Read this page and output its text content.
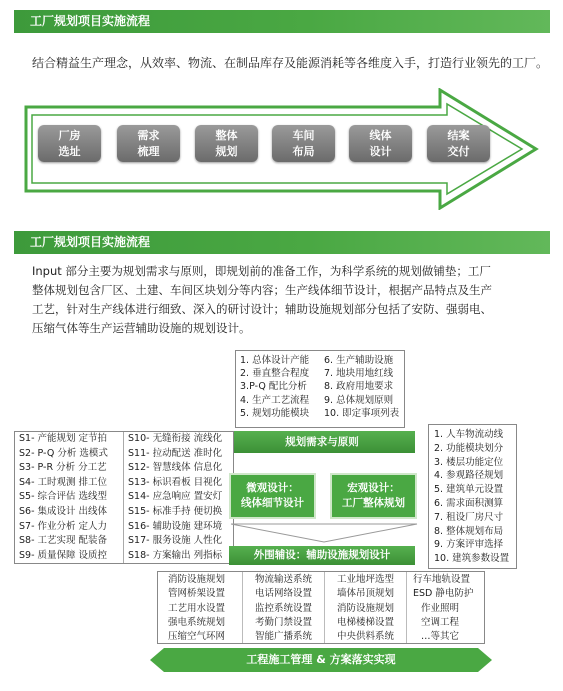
工厂规划项目实施流程
结合精益生产理念，从效率、物流、在制品库存及能源消耗等各维度入手，打造行业领先的工厂。
厂房
选址
需求
梳理
整体
规划
车间
布局
线体
设计
结案
交付
工厂规划项目实施流程
Input 部分主要为规划需求与原则，即规划前的准备工作，为科学系统的规划做铺垫；工厂
整体规划包含厂区、土建、车间区块划分等内容；生产线体细节设计，根据产品特点及生产
工艺，针对生产线体进行细致、深入的研讨设计；辅助设施规划部分包括了安防、强弱电、
压缩气体等生产运营辅助设施的规划设计。
1. 总体设计产能
2. 垂直整合程度
3.P-Q 配比分析
4. 生产工艺流程
5. 规划功能模块
6. 生产辅助设施
7. 地块用地红线
8. 政府用地要求
9. 总体规划原则
10. 即定事项列表
规划需求与原则
S1- 产能规划 定节拍
S2- P-Q 分析 选模式
S3- P-R 分析 分工艺
S4- 工时观测 排工位
S5- 综合评估 选线型
S6- 集成设计 出线体
S7- 作业分析 定人力
S8- 工艺实现 配装备
S9- 质量保障 设质控
S10- 无缝衔接 流线化
S11- 拉动配送 准时化
S12- 智慧线体 信息化
S13- 标识看板 目视化
S14- 应急响应 置安灯
S15- 标准手持 便切换
S16- 辅助设施 建环境
S17- 服务设施 人性化
S18- 方案输出 列指标
1. 人车物流动线
2. 功能模块划分
3. 楼层功能定位
4. 参观路径规划
5. 建筑单元设置
6. 需求面积测算
7. 租设厂房尺寸
8. 整体规划布局
9. 方案评审选择
10. 建筑参数设置
微观设计：
线体细节设计
宏观设计：
工厂整体规划
外围辅设：辅助设施规划设计
消防设施规划
管网桥架设置
工艺用水设置
强电系统规划
压缩空气环网
物流输送系统
电话网络设置
监控系统设置
考勤门禁设置
智能广播系统
工业地坪选型
墙体吊顶规划
消防设施规划
电梯楼梯设置
中央供料系统
行车地轨设置
ESD 静电防护
作业照明
空调工程
…等其它
工程施工管理 & 方案落实实现
